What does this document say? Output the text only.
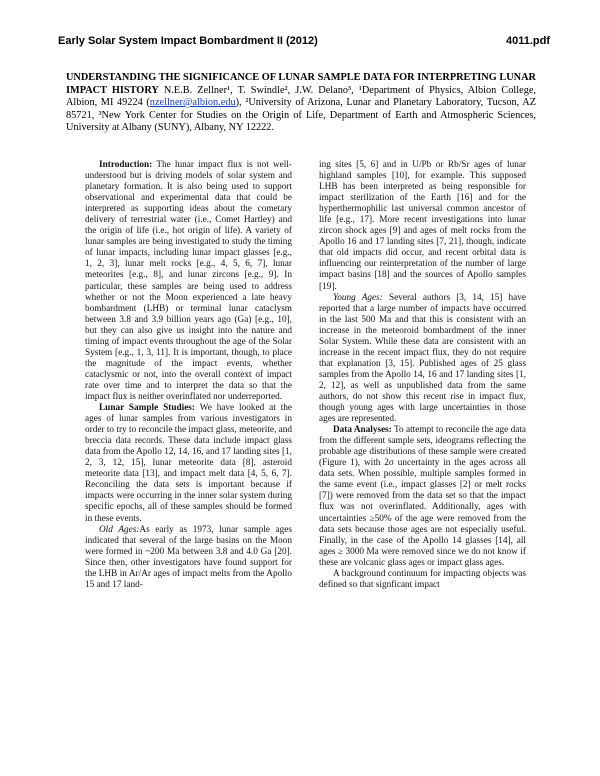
Early Solar System Impact Bombardment II (2012)	4011.pdf
UNDERSTANDING THE SIGNIFICANCE OF LUNAR SAMPLE DATA FOR INTERPRETING LUNAR IMPACT HISTORY N.E.B. Zellner¹, T. Swindle², J.W. Delano³, ¹Department of Physics, Albion College, Albion, MI 49224 (nzellner@albion.edu), ²University of Arizona, Lunar and Planetary Laboratory, Tucson, AZ 85721, ³New York Center for Studies on the Origin of Life, Department of Earth and Atmospheric Sciences, University at Albany (SUNY), Albany, NY 12222.

Introduction: The lunar impact flux is not well-understood but is driving models of solar system and planetary formation. It is also being used to support observational and experimental data that could be interpreted as supporting ideas about the cometary delivery of terrestrial water (i.e., Comet Hartley) and the origin of life (i.e., hot origin of life). A variety of lunar samples are being investigated to study the timing of lunar impacts, including lunar impact glasses [e.g., 1, 2, 3], lunar melt rocks [e.g., 4, 5, 6, 7], lunar meteorites [e.g., 8], and lunar zircons [e.g., 9]. In particular, these samples are being used to address whether or not the Moon experienced a late heavy bombardment (LHB) or terminal lunar cataclysm between 3.8 and 3.9 billion years ago (Ga) [e.g., 10], but they can also give us insight into the nature and timing of impact events throughout the age of the Solar System [e.g., 1, 3, 11]. It is important, though, to place the magnitude of the impact events, whether cataclysmic or not, into the overall context of impact rate over time and to interpret the data so that the impact flux is neither overinflated nor underreported.

Lunar Sample Studies: We have looked at the ages of lunar samples from various investigators in order to try to reconcile the impact glass, meteorite, and breccia data records. These data include impact glass data from the Apollo 12, 14, 16, and 17 landing sites [1, 2, 3, 12, 15], lunar meteorite data [8], asteroid meteorite data [13], and impact melt data [4, 5, 6, 7]. Reconciling the data sets is important because if impacts were occurring in the inner solar system during specific epochs, all of these samples should be formed in these events.

Old Ages:As early as 1973, lunar sample ages indicated that several of the large basins on the Moon were formed in ~200 Ma between 3.8 and 4.0 Ga [20]. Since then, other investigators have found support for the LHB in Ar/Ar ages of impact melts from the Apollo 15 and 17 land-

ing sites [5, 6] and in U/Pb or Rb/Sr ages of lunar highland samples [10], for example. This supposed LHB has been interpreted as being responsible for impact sterilization of the Earth [16] and for the hyperthermophilic last universal common ancestor of life [e.g., 17]. More recent investigations into lunar zircon shock ages [9] and ages of melt rocks from the Apollo 16 and 17 landing sites [7, 21], though, indicate that old impacts did occur, and recent orbital data is influencing our reinterpretation of the number of large impact basins [18] and the sources of Apollo samples [19].

Young Ages: Several authors [3, 14, 15] have reported that a large number of impacts have occurred in the last 500 Ma and that this is consistent with an increase in the meteoroid bombardment of the inner Solar System. While these data are consistent with an increase in the recent impact flux, they do not require that explanation [3, 15]. Published ages of 25 glass samples from the Apollo 14, 16 and 17 landing sites [1, 2, 12], as well as unpublished data from the same authors, do not show this recent rise in impact flux, though young ages with large uncertainties in those ages are represented.

Data Analyses: To attempt to reconcile the age data from the different sample sets, ideograms reflecting the probable age distributions of these sample were created (Figure 1), with 2σ uncertainty in the ages across all data sets. When possible, multiple samples formed in the same event (i.e., impact glasses [2] or melt rocks [7]) were removed from the data set so that the impact flux was not overinflated. Additionally, ages with uncertainties ≥50% of the age were removed from the data sets because those ages are not especially useful. Finally, in the case of the Apollo 14 glasses [14], all ages ≥ 3000 Ma were removed since we do not know if these are volcanic glass ages or impact glass ages.

A background continuum for impacting objects was defined so that signficant impact
